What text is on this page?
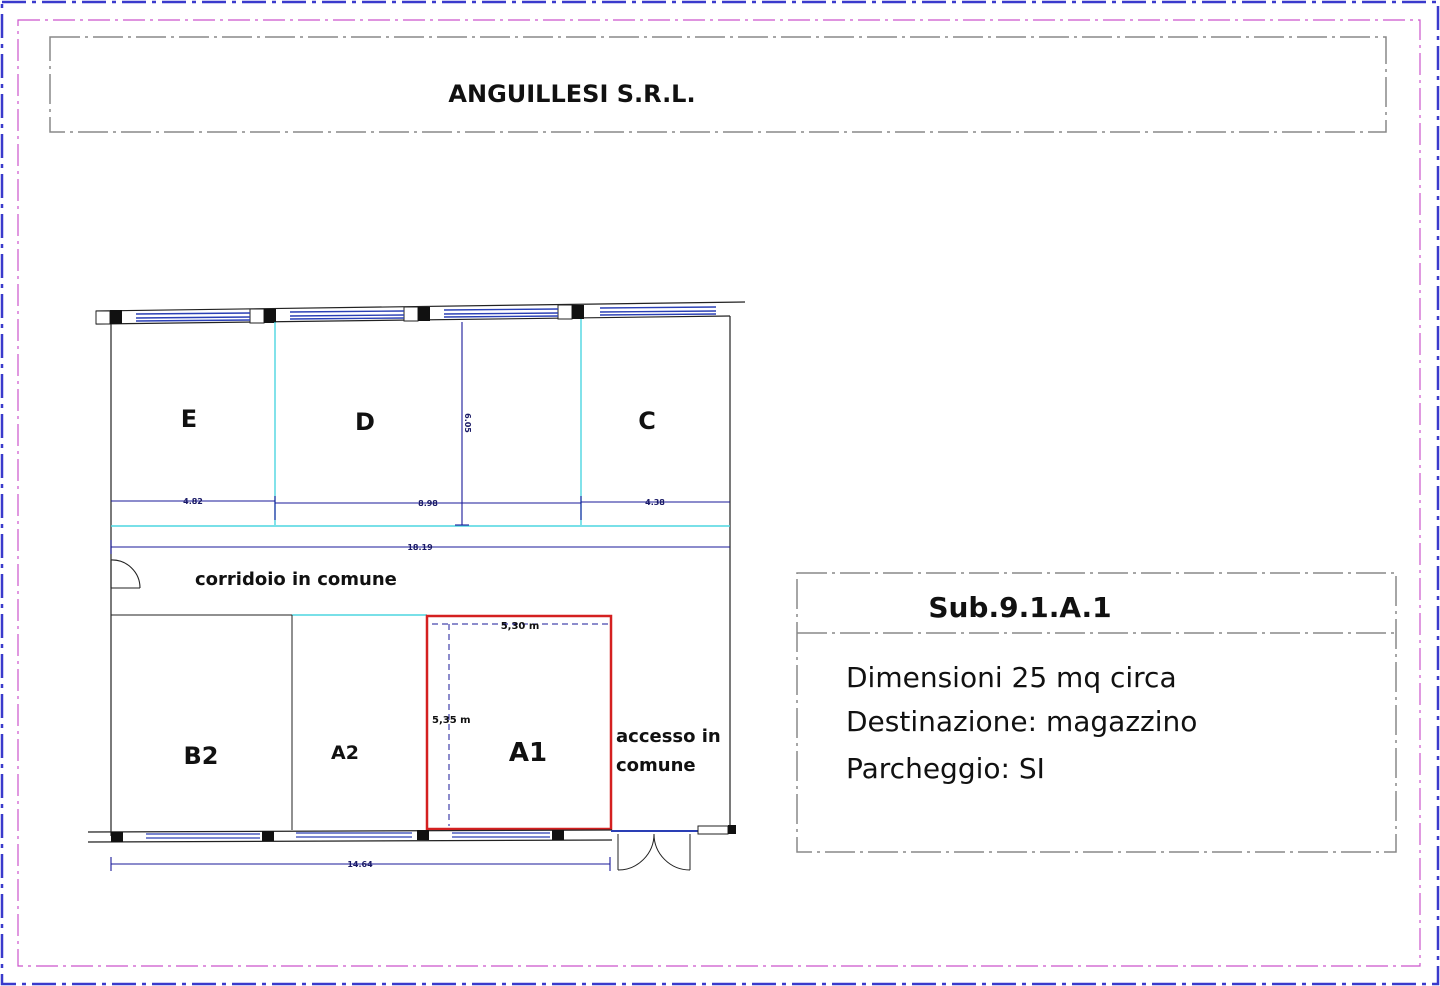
ANGUILLESI S.R.L.
E	D	C
B2	A2	A1
corridoio in comune
accesso in
comune
4.82	8.98	4.38
6.05
18.19
14.64
5,30 m
5,35 m
Sub.9.1.A.1
Dimensioni 25 mq circa
Destinazione: magazzino
Parcheggio: SI
